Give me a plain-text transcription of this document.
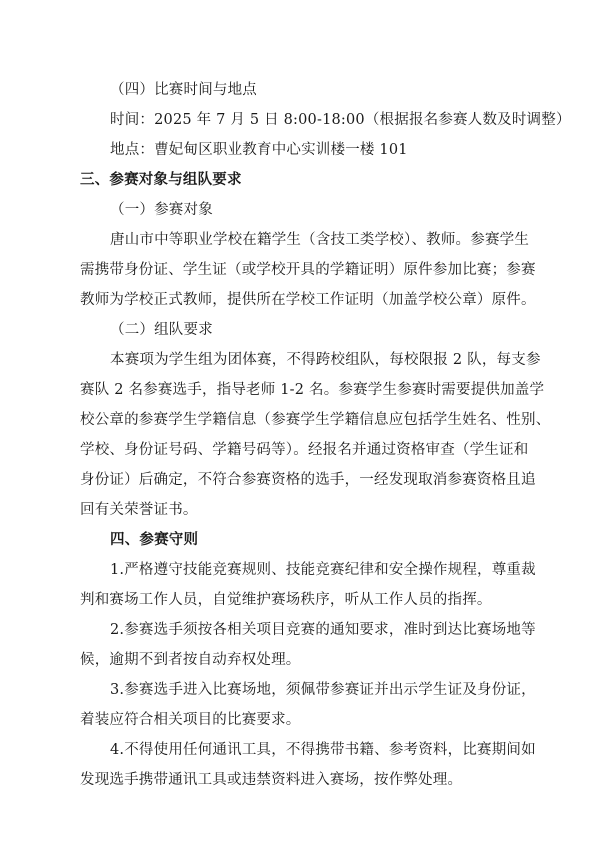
（四）比赛时间与地点
时间：2025 年 7 月 5 日 8:00-18:00（根据报名参赛人数及时调整）
地点：曹妃甸区职业教育中心实训楼一楼 101
三、参赛对象与组队要求
（一）参赛对象
唐山市中等职业学校在籍学生（含技工类学校）、教师。参赛学生
需携带身份证、学生证（或学校开具的学籍证明）原件参加比赛；参赛
教师为学校正式教师，提供所在学校工作证明（加盖学校公章）原件。
（二）组队要求
本赛项为学生组为团体赛，不得跨校组队，每校限报 2 队，每支参
赛队 2 名参赛选手，指导老师 1-2 名。参赛学生参赛时需要提供加盖学
校公章的参赛学生学籍信息（参赛学生学籍信息应包括学生姓名、性别、
学校、身份证号码、学籍号码等）。经报名并通过资格审查（学生证和
身份证）后确定，不符合参赛资格的选手，一经发现取消参赛资格且追
回有关荣誉证书。
四、参赛守则
1.严格遵守技能竞赛规则、技能竞赛纪律和安全操作规程，尊重裁
判和赛场工作人员，自觉维护赛场秩序，听从工作人员的指挥。
2.参赛选手须按各相关项目竞赛的通知要求，准时到达比赛场地等
候，逾期不到者按自动弃权处理。
3.参赛选手进入比赛场地，须佩带参赛证并出示学生证及身份证，
着装应符合相关项目的比赛要求。
4.不得使用任何通讯工具，不得携带书籍、参考资料，比赛期间如
发现选手携带通讯工具或违禁资料进入赛场，按作弊处理。
